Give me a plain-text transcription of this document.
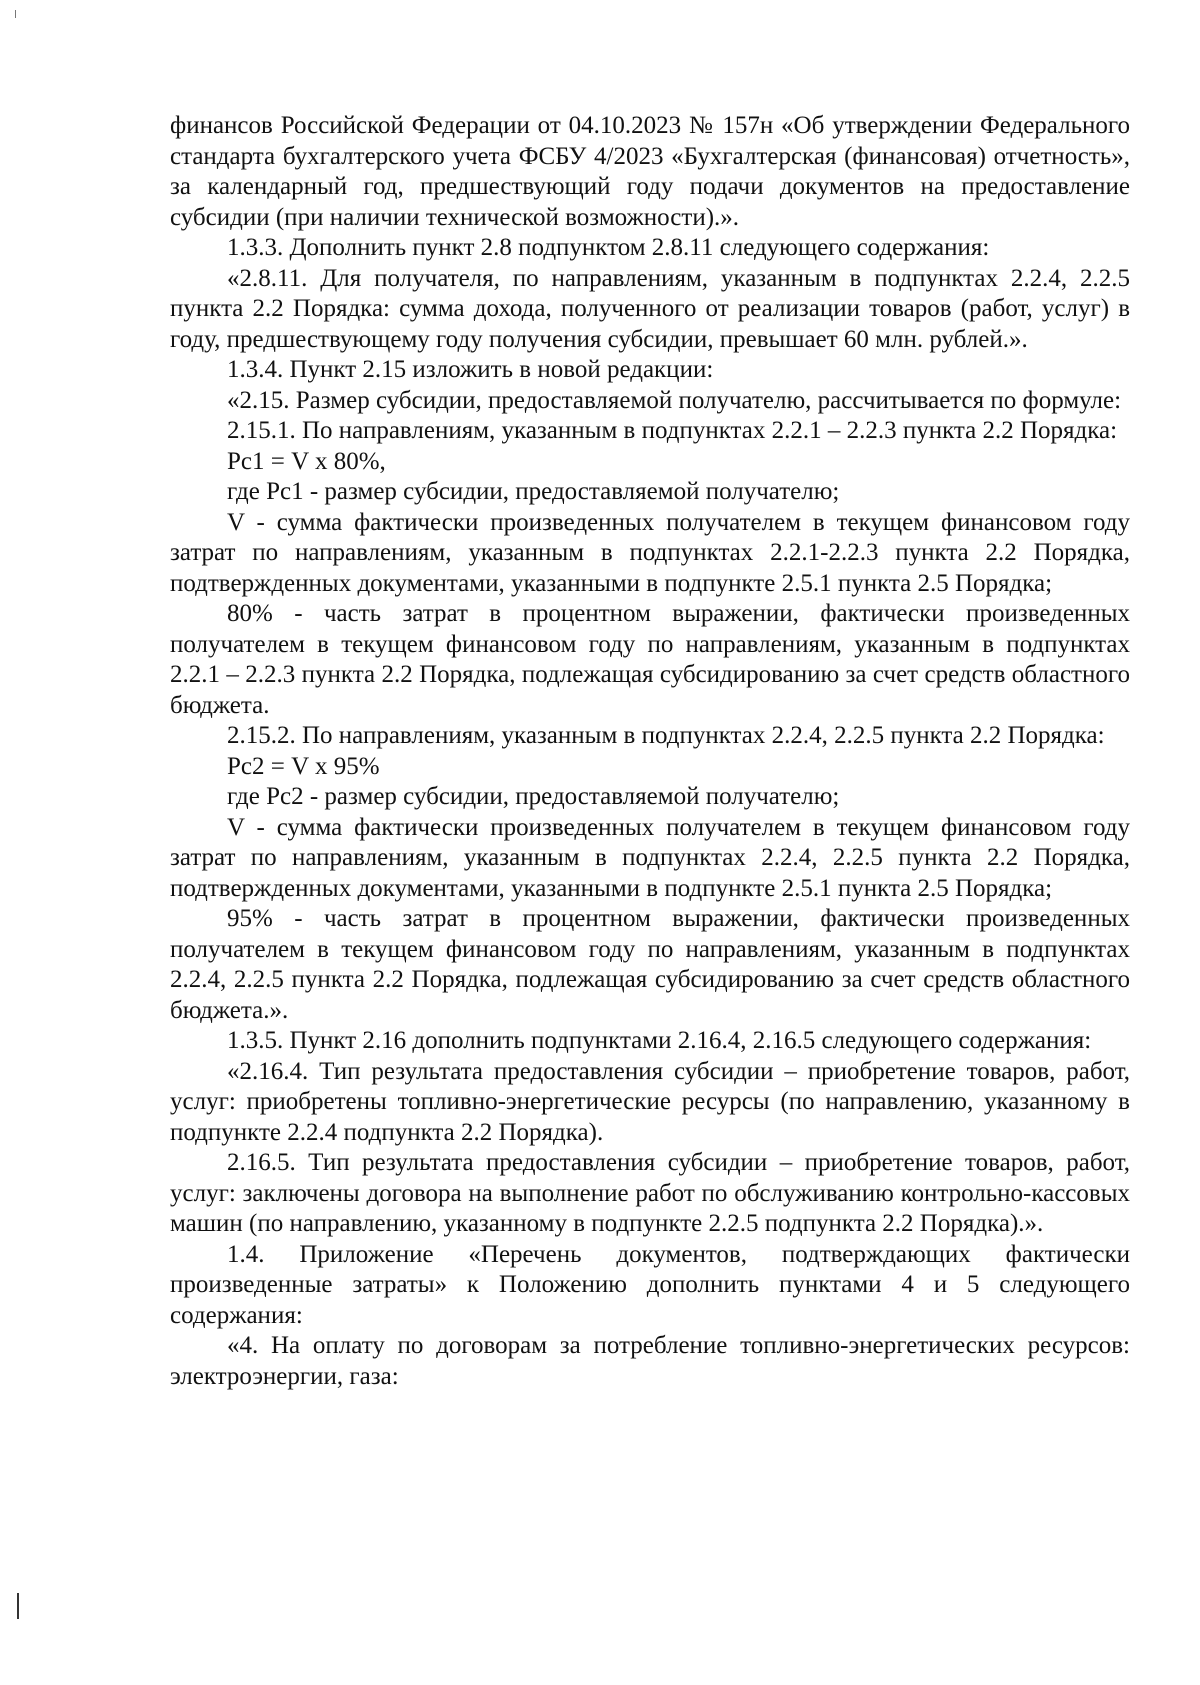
финансов Российской Федерации от 04.10.2023 № 157н «Об утверждении Федерального стандарта бухгалтерского учета ФСБУ 4/2023 «Бухгалтерская (финансовая) отчетность», за календарный год, предшествующий году подачи документов на предоставление субсидии (при наличии технической возможности).».

1.3.3. Дополнить пункт 2.8 подпунктом 2.8.11 следующего содержания:

«2.8.11. Для получателя, по направлениям, указанным в подпунктах 2.2.4, 2.2.5 пункта 2.2 Порядка: сумма дохода, полученного от реализации товаров (работ, услуг) в году, предшествующему году получения субсидии, превышает 60 млн. рублей.».

1.3.4. Пункт 2.15 изложить в новой редакции:

«2.15. Размер субсидии, предоставляемой получателю, рассчитывается по формуле:

2.15.1. По направлениям, указанным в подпунктах 2.2.1 – 2.2.3 пункта 2.2 Порядка:

Рс1 = V x 80%,

где Рс1 - размер субсидии, предоставляемой получателю;

V - сумма фактически произведенных получателем в текущем финансовом году затрат по направлениям, указанным в подпунктах 2.2.1-2.2.3 пункта 2.2 Порядка, подтвержденных документами, указанными в подпункте 2.5.1 пункта 2.5 Порядка;

80% - часть затрат в процентном выражении, фактически произведенных получателем в текущем финансовом году по направлениям, указанным в подпунктах 2.2.1 – 2.2.3 пункта 2.2 Порядка, подлежащая субсидированию за счет средств областного бюджета.

2.15.2. По направлениям, указанным в подпунктах 2.2.4, 2.2.5 пункта 2.2 Порядка:

Рс2 = V x 95%

где Рс2 - размер субсидии, предоставляемой получателю;

V - сумма фактически произведенных получателем в текущем финансовом году затрат по направлениям, указанным в подпунктах 2.2.4, 2.2.5 пункта 2.2 Порядка, подтвержденных документами, указанными в подпункте 2.5.1 пункта 2.5 Порядка;

95% - часть затрат в процентном выражении, фактически произведенных получателем в текущем финансовом году по направлениям, указанным в подпунктах 2.2.4, 2.2.5 пункта 2.2 Порядка, подлежащая субсидированию за счет средств областного бюджета.».

1.3.5. Пункт 2.16 дополнить подпунктами 2.16.4, 2.16.5 следующего содержания:

«2.16.4. Тип результата предоставления субсидии – приобретение товаров, работ, услуг: приобретены топливно-энергетические ресурсы (по направлению, указанному в подпункте 2.2.4 подпункта 2.2 Порядка).

2.16.5. Тип результата предоставления субсидии – приобретение товаров, работ, услуг: заключены договора на выполнение работ по обслуживанию контрольно-кассовых машин (по направлению, указанному в подпункте 2.2.5 подпункта 2.2 Порядка).».

1.4. Приложение «Перечень документов, подтверждающих фактически произведенные затраты» к Положению дополнить пунктами 4 и 5 следующего содержания:

«4. На оплату по договорам за потребление топливно-энергетических ресурсов: электроэнергии, газа:
